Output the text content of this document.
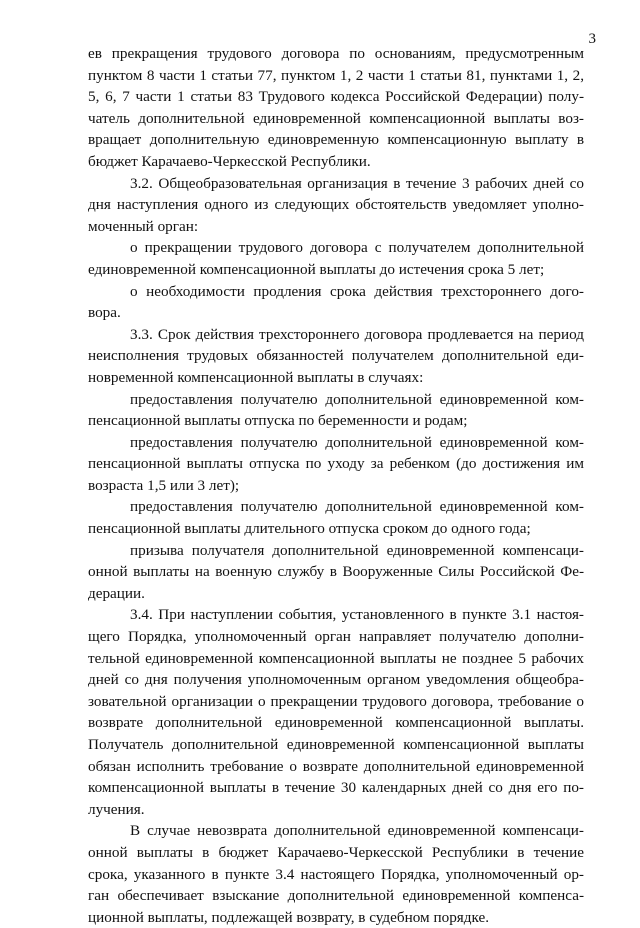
3
ев прекращения трудового договора по основаниям, предусмотренным
пунктом 8 части 1 статьи 77, пунктом 1, 2 части 1 статьи 81, пунктами 1, 2,
5, 6, 7 части 1 статьи 83 Трудового кодекса Российской Федерации) полу-
чатель дополнительной единовременной компенсационной выплаты воз-
вращает дополнительную единовременную компенсационную выплату в
бюджет Карачаево-Черкесской Республики.
3.2. Общеобразовательная организация в течение 3 рабочих дней со
дня наступления одного из следующих обстоятельств уведомляет уполно-
моченный орган:
о прекращении трудового договора с получателем дополнительной
единовременной компенсационной выплаты до истечения срока 5 лет;
о необходимости продления срока действия трехстороннего дого-
вора.
3.3. Срок действия трехстороннего договора продлевается на период
неисполнения трудовых обязанностей получателем дополнительной еди-
новременной компенсационной выплаты в случаях:
предоставления получателю дополнительной единовременной ком-
пенсационной выплаты отпуска по беременности и родам;
предоставления получателю дополнительной единовременной ком-
пенсационной выплаты отпуска по уходу за ребенком (до достижения им
возраста 1,5 или 3 лет);
предоставления получателю дополнительной единовременной ком-
пенсационной выплаты длительного отпуска сроком до одного года;
призыва получателя дополнительной единовременной компенсаци-
онной выплаты на военную службу в Вооруженные Силы Российской Фе-
дерации.
3.4. При наступлении события, установленного в пункте 3.1 настоя-
щего Порядка, уполномоченный орган направляет получателю дополни-
тельной единовременной компенсационной выплаты не позднее 5 рабочих
дней со дня получения уполномоченным органом уведомления общеобра-
зовательной организации о прекращении трудового договора, требование о
возврате дополнительной единовременной компенсационной выплаты.
Получатель дополнительной единовременной компенсационной выплаты
обязан исполнить требование о возврате дополнительной единовременной
компенсационной выплаты в течение 30 календарных дней со дня его по-
лучения.
В случае невозврата дополнительной единовременной компенсаци-
онной выплаты в бюджет Карачаево-Черкесской Республики в течение
срока, указанного в пункте 3.4 настоящего Порядка, уполномоченный ор-
ган обеспечивает взыскание дополнительной единовременной компенса-
ционной выплаты, подлежащей возврату, в судебном порядке.
